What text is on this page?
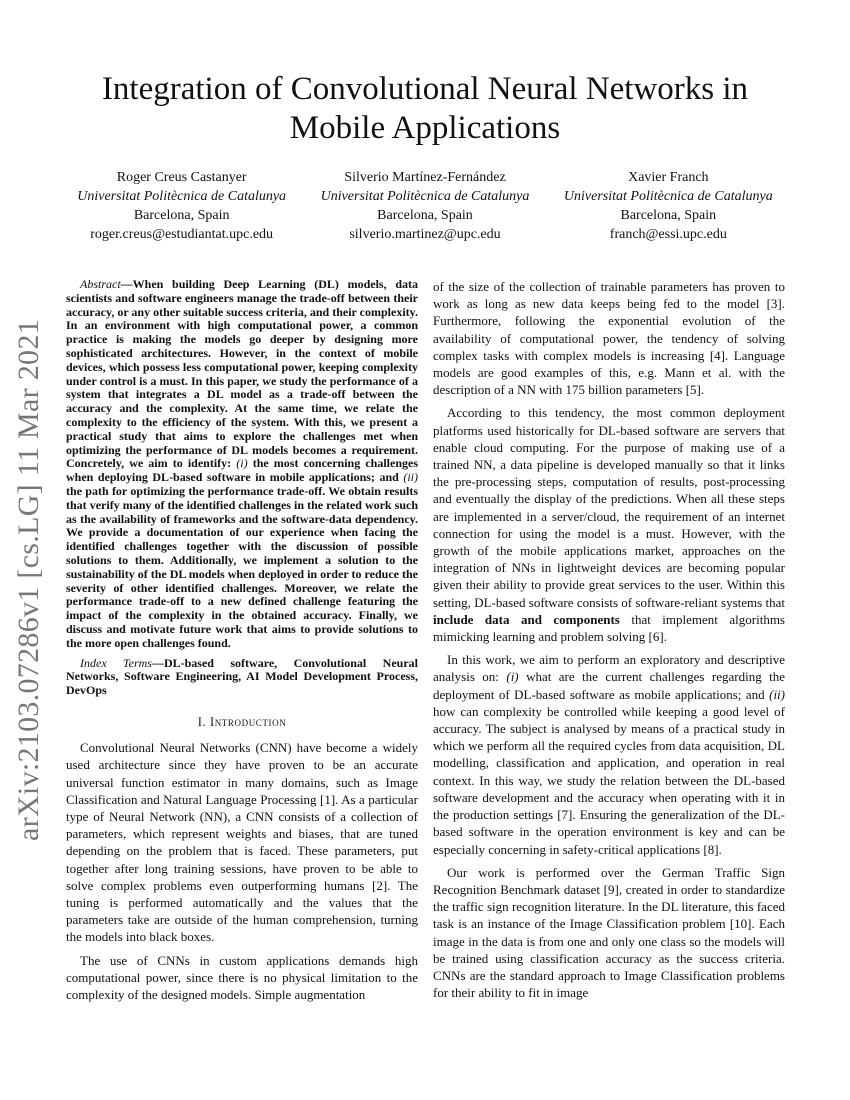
arXiv:2103.07286v1 [cs.LG] 11 Mar 2021
Integration of Convolutional Neural Networks in Mobile Applications
Roger Creus Castanyer
Universitat Politècnica de Catalunya
Barcelona, Spain
roger.creus@estudiantat.upc.edu
Silverio Martínez-Fernández
Universitat Politècnica de Catalunya
Barcelona, Spain
silverio.martinez@upc.edu
Xavier Franch
Universitat Politècnica de Catalunya
Barcelona, Spain
franch@essi.upc.edu

Abstract—When building Deep Learning (DL) models, data scientists and software engineers manage the trade-off between their accuracy, or any other suitable success criteria, and their complexity. In an environment with high computational power, a common practice is making the models go deeper by designing more sophisticated architectures. However, in the context of mobile devices, which possess less computational power, keeping complexity under control is a must. In this paper, we study the performance of a system that integrates a DL model as a trade-off between the accuracy and the complexity. At the same time, we relate the complexity to the efficiency of the system. With this, we present a practical study that aims to explore the challenges met when optimizing the performance of DL models becomes a requirement. Concretely, we aim to identify: (i) the most concerning challenges when deploying DL-based software in mobile applications; and (ii) the path for optimizing the performance trade-off. We obtain results that verify many of the identified challenges in the related work such as the availability of frameworks and the software-data dependency. We provide a documentation of our experience when facing the identified challenges together with the discussion of possible solutions to them. Additionally, we implement a solution to the sustainability of the DL models when deployed in order to reduce the severity of other identified challenges. Moreover, we relate the performance trade-off to a new defined challenge featuring the impact of the complexity in the obtained accuracy. Finally, we discuss and motivate future work that aims to provide solutions to the more open challenges found.

Index Terms—DL-based software, Convolutional Neural Networks, Software Engineering, AI Model Development Process, DevOps

I. Introduction

Convolutional Neural Networks (CNN) have become a widely used architecture since they have proven to be an accurate universal function estimator in many domains, such as Image Classification and Natural Language Processing [1]. As a particular type of Neural Network (NN), a CNN consists of a collection of parameters, which represent weights and biases, that are tuned depending on the problem that is faced. These parameters, put together after long training sessions, have proven to be able to solve complex problems even outperforming humans [2]. The tuning is performed automatically and the values that the parameters take are outside of the human comprehension, turning the models into black boxes.

The use of CNNs in custom applications demands high computational power, since there is no physical limitation to the complexity of the designed models. Simple augmentation

of the size of the collection of trainable parameters has proven to work as long as new data keeps being fed to the model [3]. Furthermore, following the exponential evolution of the availability of computational power, the tendency of solving complex tasks with complex models is increasing [4]. Language models are good examples of this, e.g. Mann et al. with the description of a NN with 175 billion parameters [5].

According to this tendency, the most common deployment platforms used historically for DL-based software are servers that enable cloud computing. For the purpose of making use of a trained NN, a data pipeline is developed manually so that it links the pre-processing steps, computation of results, post-processing and eventually the display of the predictions. When all these steps are implemented in a server/cloud, the requirement of an internet connection for using the model is a must. However, with the growth of the mobile applications market, approaches on the integration of NNs in lightweight devices are becoming popular given their ability to provide great services to the user. Within this setting, DL-based software consists of software-reliant systems that include data and components that implement algorithms mimicking learning and problem solving [6].

In this work, we aim to perform an exploratory and descriptive analysis on: (i) what are the current challenges regarding the deployment of DL-based software as mobile applications; and (ii) how can complexity be controlled while keeping a good level of accuracy. The subject is analysed by means of a practical study in which we perform all the required cycles from data acquisition, DL modelling, classification and application, and operation in real context. In this way, we study the relation between the DL-based software development and the accuracy when operating with it in the production settings [7]. Ensuring the generalization of the DL-based software in the operation environment is key and can be especially concerning in safety-critical applications [8].

Our work is performed over the German Traffic Sign Recognition Benchmark dataset [9], created in order to standardize the traffic sign recognition literature. In the DL literature, this faced task is an instance of the Image Classification problem [10]. Each image in the data is from one and only one class so the models will be trained using classification accuracy as the success criteria. CNNs are the standard approach to Image Classification problems for their ability to fit in image
